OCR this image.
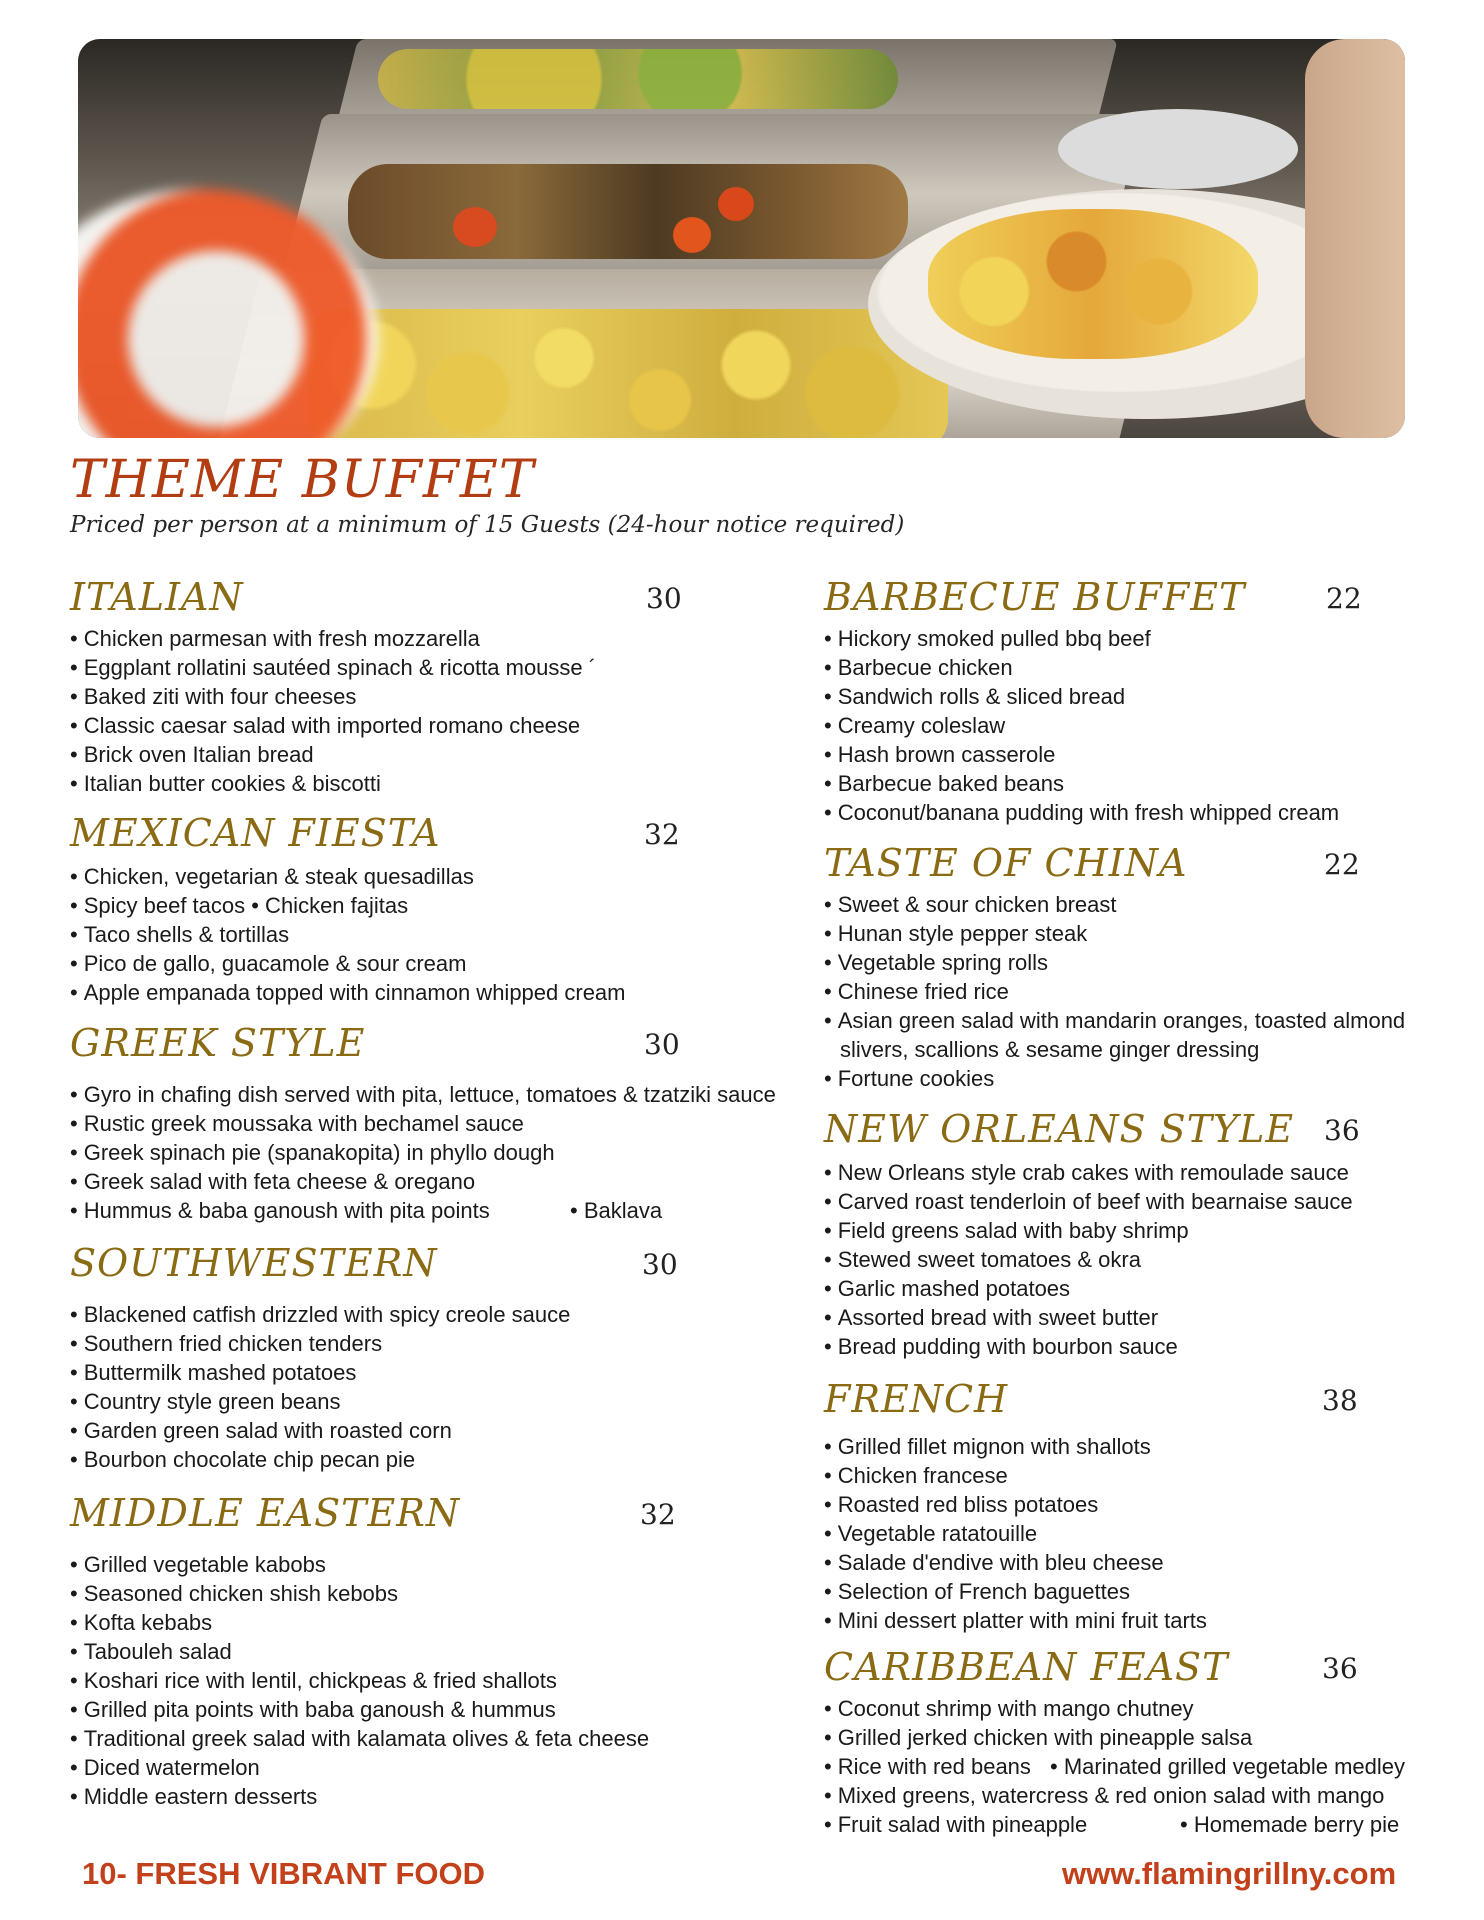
THEME BUFFET

Priced per person at a minimum of 15 Guests (24-hour notice required)

ITALIAN	30
• Chicken parmesan with fresh mozzarella
• Eggplant rollatini sautéed spinach & ricotta mousse ´
• Baked ziti with four cheeses
• Classic caesar salad with imported romano cheese
• Brick oven Italian bread
• Italian butter cookies & biscotti
MEXICAN FIESTA	32
• Chicken, vegetarian & steak quesadillas
• Spicy beef tacos • Chicken fajitas
• Taco shells & tortillas
• Pico de gallo, guacamole & sour cream
• Apple empanada topped with cinnamon whipped cream
GREEK STYLE	30
• Gyro in chafing dish served with pita, lettuce, tomatoes & tzatziki sauce
• Rustic greek moussaka with bechamel sauce
• Greek spinach pie (spanakopita) in phyllo dough
• Greek salad with feta cheese & oregano
• Hummus & baba ganoush with pita points	• Baklava
SOUTHWESTERN	30
• Blackened catfish drizzled with spicy creole sauce
• Southern fried chicken tenders
• Buttermilk mashed potatoes
• Country style green beans
• Garden green salad with roasted corn
• Bourbon chocolate chip pecan pie
MIDDLE EASTERN	32
• Grilled vegetable kabobs
• Seasoned chicken shish kebobs
• Kofta kebabs
• Tabouleh salad
• Koshari rice with lentil, chickpeas & fried shallots
• Grilled pita points with baba ganoush & hummus
• Traditional greek salad with kalamata olives & feta cheese
• Diced watermelon
• Middle eastern desserts
BARBECUE BUFFET	22
• Hickory smoked pulled bbq beef
• Barbecue chicken
• Sandwich rolls & sliced bread
• Creamy coleslaw
• Hash brown casserole
• Barbecue baked beans
• Coconut/banana pudding with fresh whipped cream
TASTE OF CHINA	22
• Sweet & sour chicken breast
• Hunan style pepper steak
• Vegetable spring rolls
• Chinese fried rice
• Asian green salad with mandarin oranges, toasted almond
slivers, scallions & sesame ginger dressing
• Fortune cookies
NEW ORLEANS STYLE	36
• New Orleans style crab cakes with remoulade sauce
• Carved roast tenderloin of beef with bearnaise sauce
• Field greens salad with baby shrimp
• Stewed sweet tomatoes & okra
• Garlic mashed potatoes
• Assorted bread with sweet butter
• Bread pudding with bourbon sauce
FRENCH	38
• Grilled fillet mignon with shallots
• Chicken francese
• Roasted red bliss potatoes
• Vegetable ratatouille
• Salade d'endive with bleu cheese
• Selection of French baguettes
• Mini dessert platter with mini fruit tarts
CARIBBEAN FEAST	36
• Coconut shrimp with mango chutney
• Grilled jerked chicken with pineapple salsa
• Rice with red beans • Marinated grilled vegetable medley
• Mixed greens, watercress & red onion salad with mango
• Fruit salad with pineapple	• Homemade berry pie

10- FRESH VIBRANT FOOD	www.flamingrillny.com
